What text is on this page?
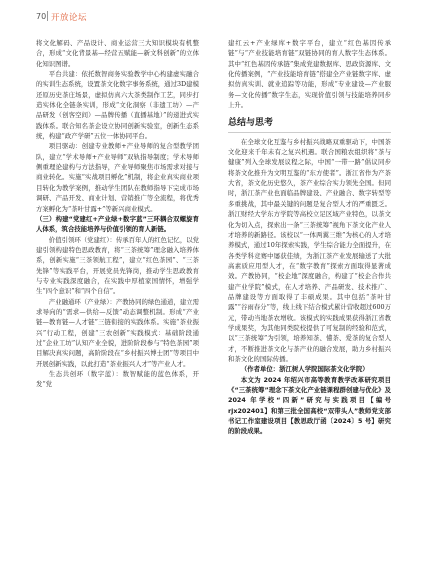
70 开放论坛

将文化解码、产品设计、商业运营三大知识模块有机整合，形成“文化背景基—经营五赋能—新文科创新”的立体化知识图谱。

平台共建：依托数智商务实验教学中心构建虚实融合的实训生态系统，设置茶文化数字事务系统，通过3D建模还原历史茶庄场景，虚拟仿真六大茶类制作工艺，同步打造实体化全链条实训，形成“文化洞察（非遗工坊）—产品研发（创客空间）—品牌传播（直播基地）”的递进式实践体系。联合知名茶企设立协同创新实验室，创新生态系统，构建“政产学研”五位一体协同平台。

项目驱动：创建专业教师+产业导师的复合型教学团队，建立“学术导师+产业导师”双轨指导制度；学术导师侧重理论建构与方法指导，产业导师聚焦市场需求对接与商业转化。实施“实战项目孵化”机制，将企业真实商业项目转化为教学案例，推动学生团队在教师指导下完成市场调研、产品开发、商业计划、营销推广等全流程，将优秀方案孵化为“茶叶甘露+”等新兴商业模式。

（三）构建“党建红+产业绿+数字蓝”三环耦合双螺旋育人体系，筑合技能培养与价值引领的育人新链。

价值引领环（党建红）：传承百年人的红色记忆，以党建引领构建特色思政教育，将“三茶统筹”理念融入培养体系，创新实施“三茶领航工程”，建立“红色茶园”、“三茶先锋”等实践平台，开展党员先锋岗，推动学生思政教育与专业实践深度融合，在实践中厚植家国情怀，增强学生“四个意识”和“四个自信”。

产业融通环（产业绿）：产教协同的绿色通道，建立需求导向的“需求—供给—反馈”动态调整机制。形成“产业链—教育链—人才链”三链衔接的实践体系。实施“茶业振兴”行动工程，创建“三农创新”实践模式：基础阶段通过“企业工坊”认知产业全貌，进阶阶段参与“特色茶园”项目解决真实问题，高阶阶段在“乡村振兴博士团”等项目中开展创新实践，以此打造“茶业振兴人才”等产业人才。

生态共创环（数字蓝）：数智赋能的蓝色体系，开发“党

建红云+产业绿库+数字平台，建立“红色基因传承链”与“产业技能培育链”双链协同的育人数字生态体系。其中“红色基因传承链”集成党建数据库、思政资源库、文化传播案例，“产业技能培育链”搭建全产业链数字库、虚拟仿真实训、就业追踪等功能，形成“专业建设—产业服务—文化传播”数字生态，实现价值引领与技能培养同步上升。

总结与思考

在全球文化互鉴与乡村振兴战略双重驱动下，中国茶文化迎来千年未有之复兴机遇。联合国粮农组织将“茶与健康”列入全球发展议程之际，中国“一带一路”倡议同步将茶文化推升为文明互鉴的“东方使者”。浙江省作为产茶大省，茶文化历史悠久，茶产业综合实力领先全国。但同时，浙江茶产业也面临品牌建设、产业融合、数字转型等多重挑战，其中最关键的问题是复合型人才的严重匮乏。浙江财经大学东方学院等高校立足区域产业特色，以茶文化为切入点，探索出一条“三茶统筹”视角下茶文化产业人才培养的新路径。该校以“一体两翼三维”为核心的人才培养模式，通过10年探索实践，学生综合能力全面提升，在各类学科竞赛中屡获佳绩，为浙江茶产业发展输送了大批高素质应用型人才，在“数字教育”探索方面取得显著成效。产教协同，“校企地”深度融合，构建了“校企合作共建产业学院”模式，在人才培养、产品研发、技术推广、品牌建设等方面取得了丰硕成果。其中包括“茶叶甘露”“谷雨春分”等，线上线下结合模式累计营收超过600万元，带动当地茶农增收。该模式的实践成果获得浙江省教学成果奖，为其他同类院校提供了可复制的经验和范式，以“三茶统筹”为引领，培养知茶、懂茶、爱茶的复合型人才，不断推进茶文化与茶产业的融合发展，助力乡村振兴和茶文化的国际传播。

（作者单位：浙江树人学院国际茶文化学院）

本文为 2024 年绍兴市高等教育教学改革研究项目《“三茶统筹”理念下茶文化产业链课程群创建与优化》及 2024 年学校“四新”研究与实践项目【编号 rjx202401】和第三批全国高校“双带头人”教师党支部书记工作室建设项目【教思政厅函〔2024〕5 号】研究的阶段成果。
